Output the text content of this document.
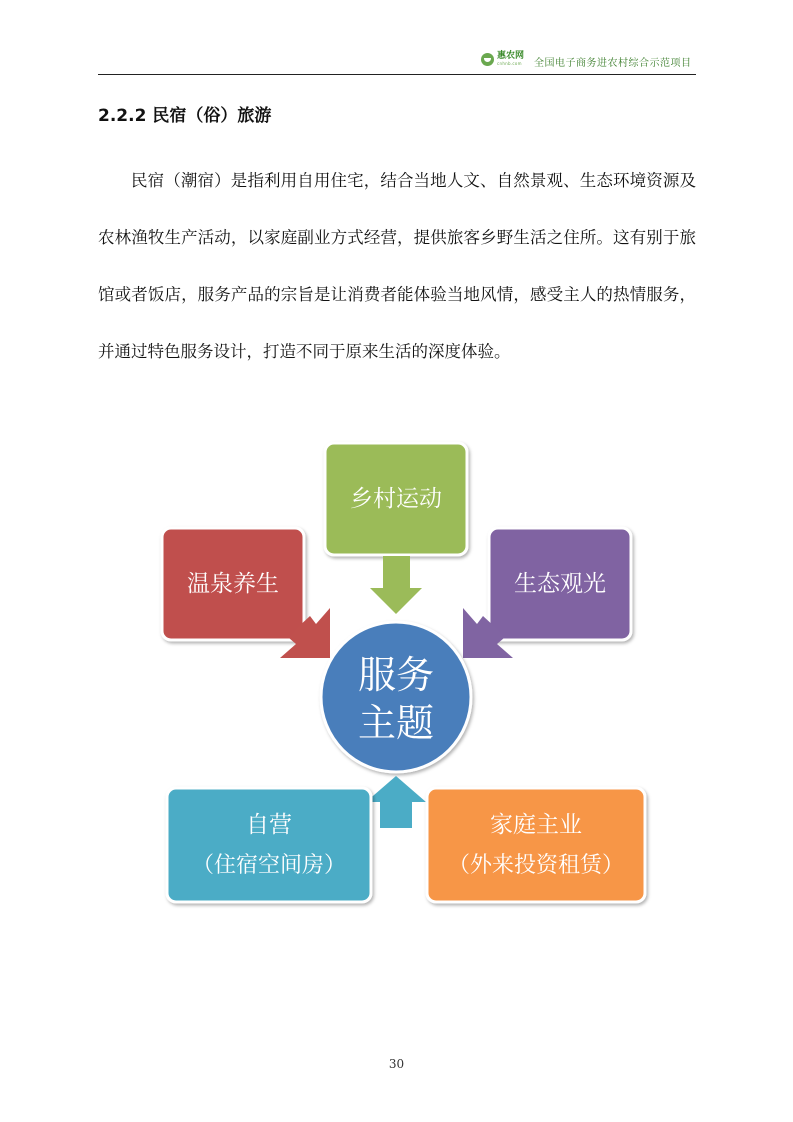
惠农网
cnhnb.com 全国电子商务进农村综合示范项目
2.2.2 民宿（俗）旅游

民宿（潮宿）是指利用自用住宅，结合当地人文、自然景观、生态环境资源及农林渔牧生产活动，以家庭副业方式经营，提供旅客乡野生活之住所。这有别于旅馆或者饭店，服务产品的宗旨是让消费者能体验当地风情，感受主人的热情服务，并通过特色服务设计，打造不同于原来生活的深度体验。

乡村运动
温泉养生	生态观光
服务
主题
自营
（住宿空间房）
家庭主业
（外来投资租赁）
30
